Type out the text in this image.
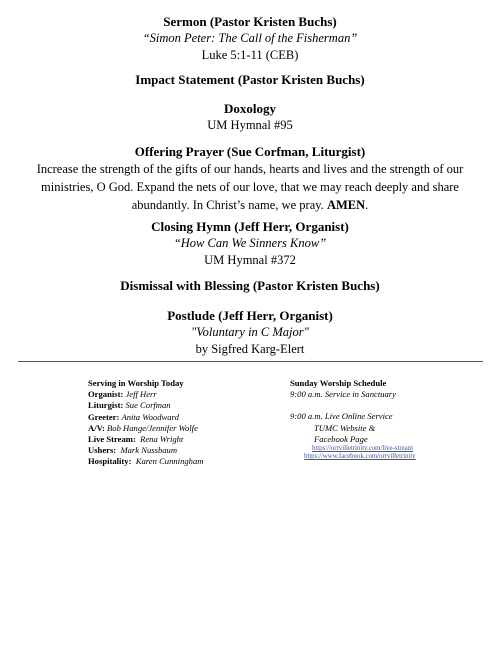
Sermon (Pastor Kristen Buchs)
“Simon Peter: The Call of the Fisherman”
Luke 5:1-11 (CEB)
Impact Statement (Pastor Kristen Buchs)
Doxology
UM Hymnal #95
Offering Prayer (Sue Corfman, Liturgist)
Increase the strength of the gifts of our hands, hearts and lives and the strength of our ministries, O God. Expand the nets of our love, that we may reach deeply and share abundantly. In Christ’s name, we pray. AMEN.
Closing Hymn (Jeff Herr, Organist)
“How Can We Sinners Know”
UM Hymnal #372
Dismissal with Blessing (Pastor Kristen Buchs)
Postlude (Jeff Herr, Organist)
"Voluntary in C Major"
by Sigfred Karg-Elert
Serving in Worship Today
Organist: Jeff Herr
Liturgist: Sue Corfman
Greeter: Anita Woodward
A/V: Bob Hange/Jennifer Wolfe
Live Stream: Rena Wright
Ushers: Mark Nussbaum
Hospitality: Karen Cunningham
Sunday Worship Schedule
9:00 a.m. Service in Sanctuary
9:00 a.m. Live Online Service
TUMC Website &
Facebook Page
https://orrvilletrinity.com/live-stream
https://www.facebook.com/orrvilletrinity
